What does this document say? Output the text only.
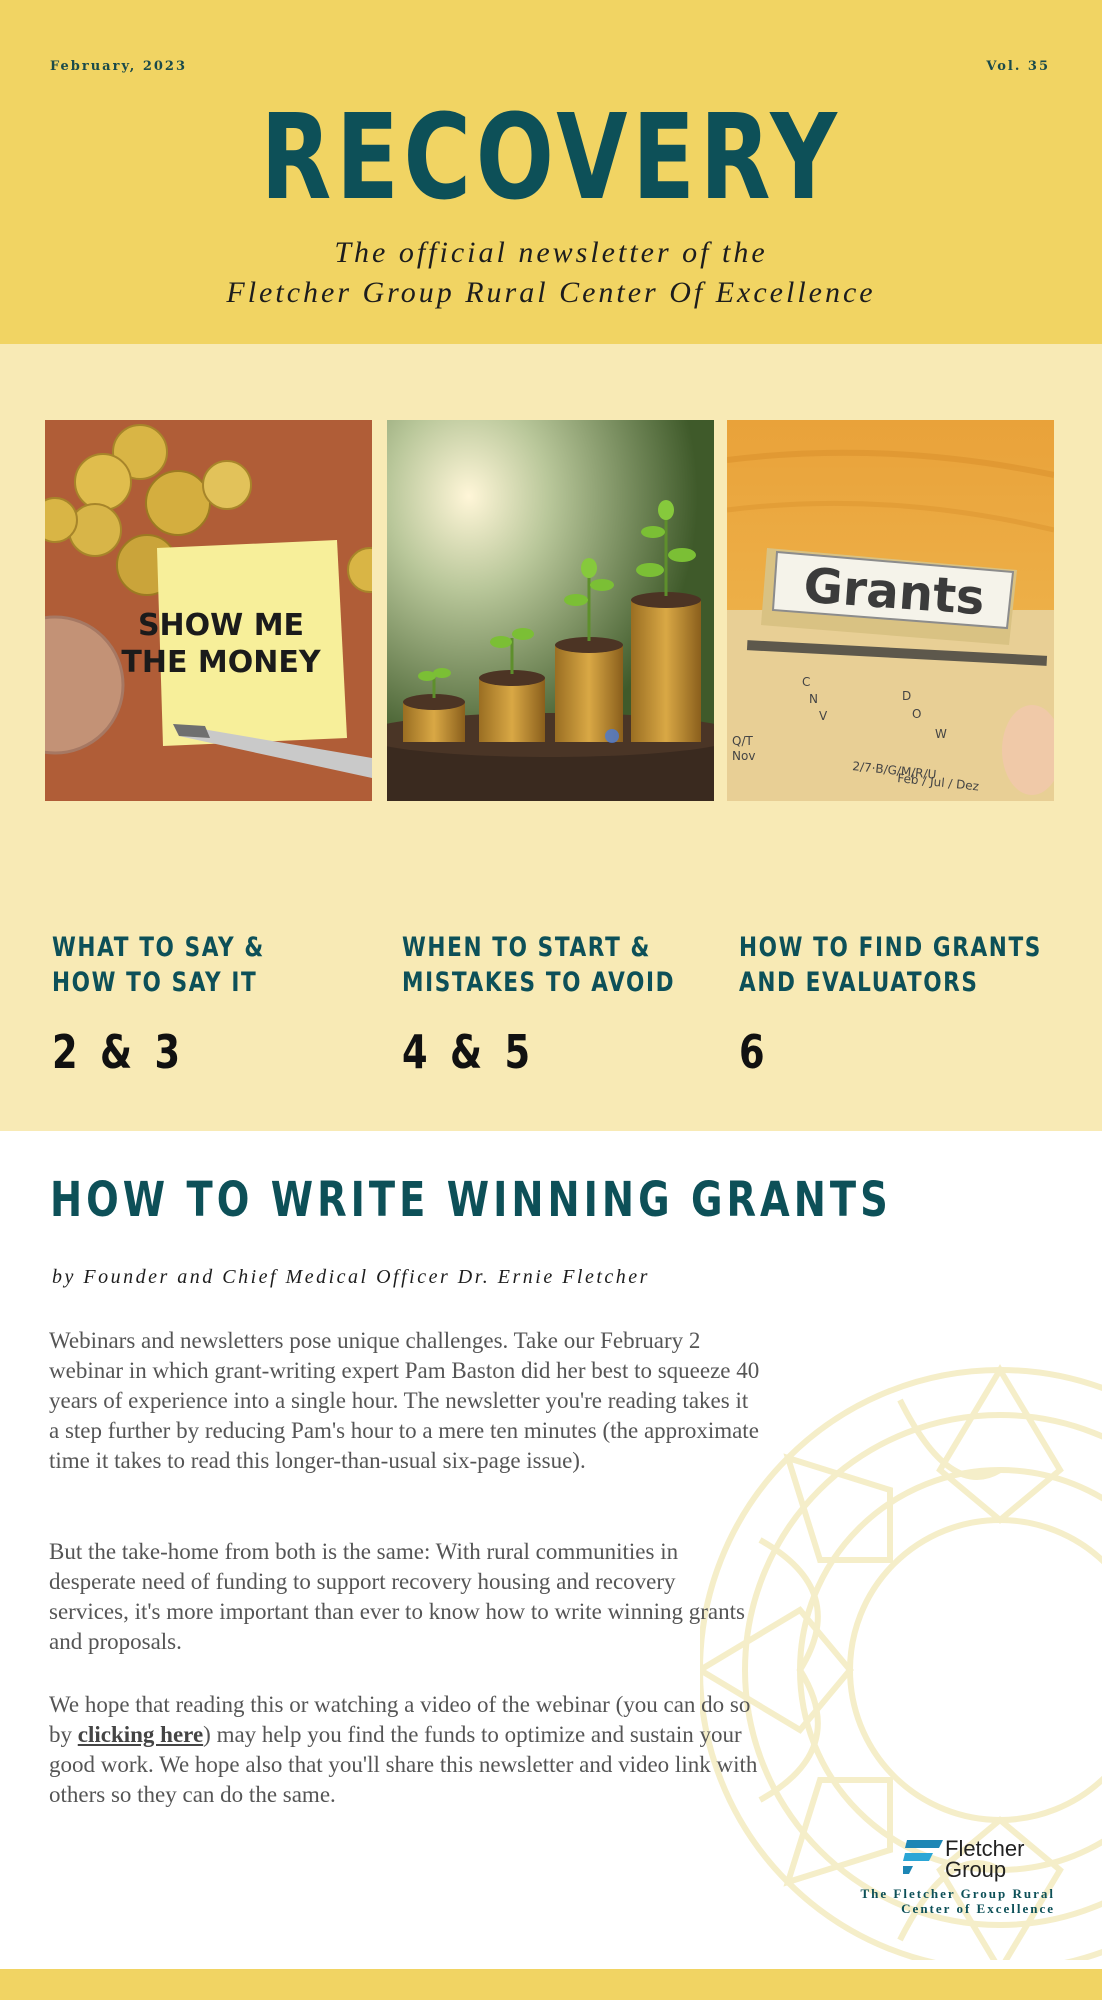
February, 2023	Vol. 35
RECOVERY
The official newsletter of the
Fletcher Group Rural Center Of Excellence
SHOW ME
THE MONEY
Grants
C
N
V
D
O
W
Q/T
Nov
2/7·B/G/M/R/U
Feb / Jul / Dez
WHAT TO SAY &
HOW TO SAY IT
2 & 3
WHEN TO START &
MISTAKES TO AVOID
4 & 5
HOW TO FIND GRANTS
AND EVALUATORS
6
HOW TO WRITE WINNING GRANTS
by Founder and Chief Medical Officer Dr. Ernie Fletcher
Webinars and newsletters pose unique challenges. Take our February 2 webinar in which grant-writing expert Pam Baston did her best to squeeze 40 years of experience into a single hour. The newsletter you're reading takes it a step further by reducing Pam's hour to a mere ten minutes (the approximate time it takes to read this longer-than-usual six-page issue).
But the take-home from both is the same: With rural communities in desperate need of funding to support recovery housing and recovery services, it's more important than ever to know how to write winning grants and proposals.
We hope that reading this or watching a video of the webinar (you can do so by clicking here) may help you find the funds to optimize and sustain your good work. We hope also that you'll share this newsletter and video link with others so they can do the same.
Fletcher
Group
The Fletcher Group Rural
Center of Excellence
